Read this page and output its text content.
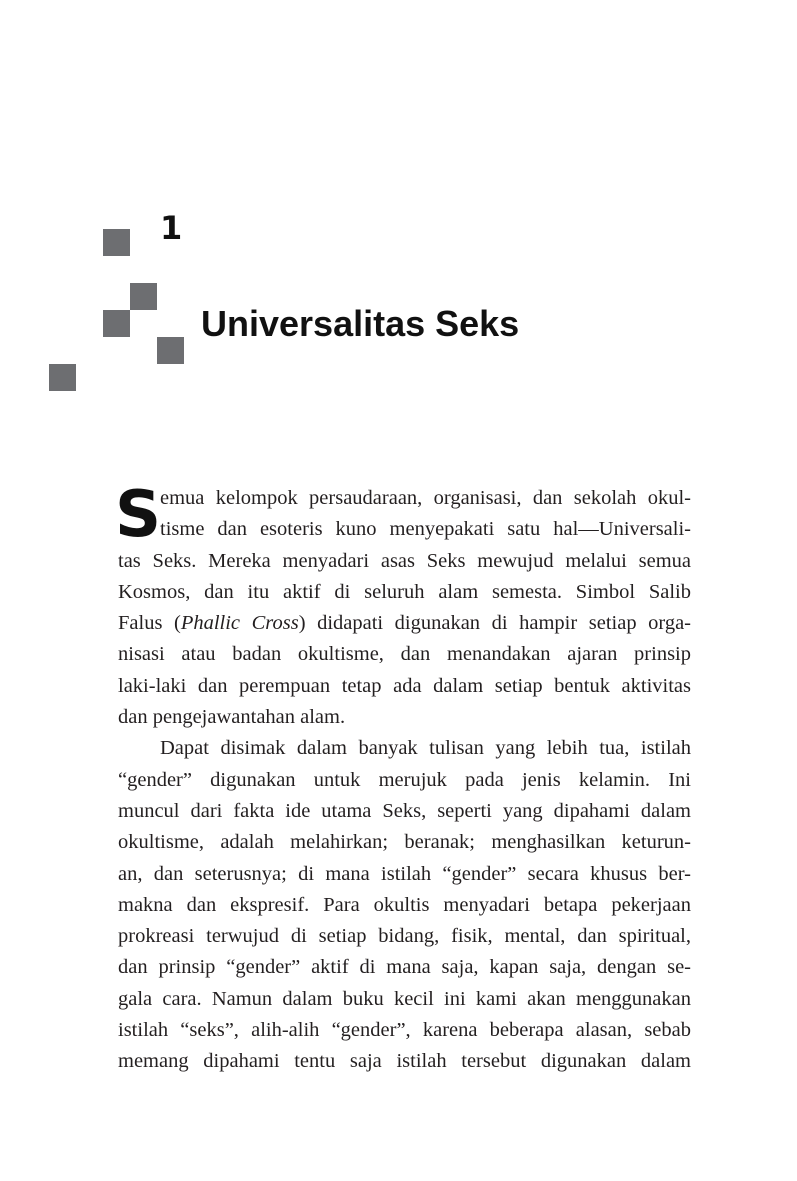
1
Universalitas Seks
S
emua kelompok persaudaraan, organisasi, dan sekolah okul-
tisme dan esoteris kuno menyepakati satu hal—Universali-
tas Seks. Mereka menyadari asas Seks mewujud melalui semua
Kosmos, dan itu aktif di seluruh alam semesta. Simbol Salib
Falus (Phallic Cross) didapati digunakan di hampir setiap orga-
nisasi atau badan okultisme, dan menandakan ajaran prinsip
laki-laki dan perempuan tetap ada dalam setiap bentuk aktivitas
dan pengejawantahan alam.
Dapat disimak dalam banyak tulisan yang lebih tua, istilah
“gender” digunakan untuk merujuk pada jenis kelamin. Ini
muncul dari fakta ide utama Seks, seperti yang dipahami dalam
okultisme, adalah melahirkan; beranak; menghasilkan keturun-
an, dan seterusnya; di mana istilah “gender” secara khusus ber-
makna dan ekspresif. Para okultis menyadari betapa pekerjaan
prokreasi terwujud di setiap bidang, fisik, mental, dan spiritual,
dan prinsip “gender” aktif di mana saja, kapan saja, dengan se-
gala cara. Namun dalam buku kecil ini kami akan menggunakan
istilah “seks”, alih-alih “gender”, karena beberapa alasan, sebab
memang dipahami tentu saja istilah tersebut digunakan dalam
